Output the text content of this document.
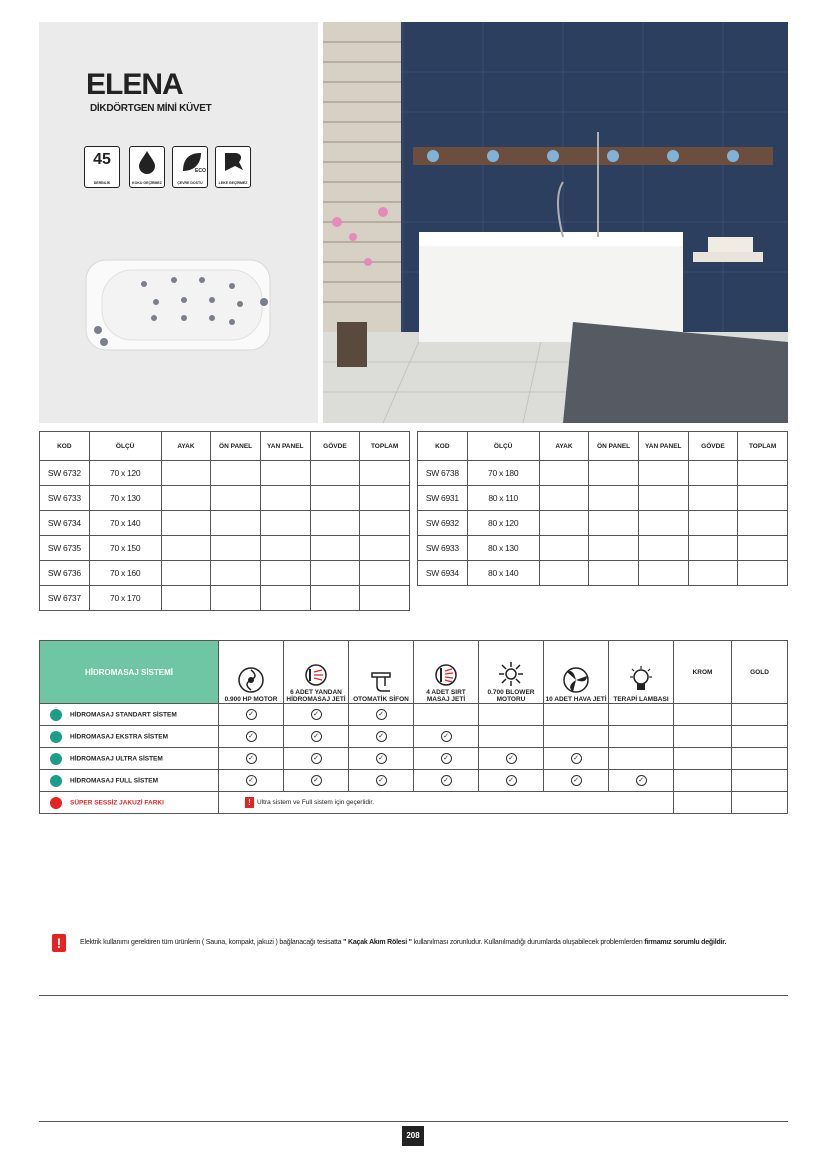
ELENA
DİKDÖRTGEN MİNİ KÜVET
45
DERİNLİK	KOKU GEÇİRMEZ
ECO
ÇEVRE DOSTU	LEKE GEÇİRMEZ
KOD	ÖLÇÜ	AYAK	ÖN PANEL	YAN PANEL	GÖVDE	TOPLAM
SW 6732	70 x 120					
SW 6733	70 x 130					
SW 6734	70 x 140					
SW 6735	70 x 150					
SW 6736	70 x 160					
SW 6737	70 x 170					
KOD	ÖLÇÜ	AYAK	ÖN PANEL	YAN PANEL	GÖVDE	TOPLAM
SW 6738	70 x 180					
SW 6931	80 x 110					
SW 6932	80 x 120					
SW 6933	80 x 130					
SW 6934	80 x 140					
HİDROMASAJ SİSTEMİ	0.900 HP MOTOR	6 ADET YANDAN HİDROMASAJ JETİ	OTOMATİK SİFON	4 ADET SIRT MASAJ JETİ	0.700 BLOWER MOTORU	10 ADET HAVA JETİ	TERAPİ LAMBASI	KROM	GOLD
HİDROMASAJ STANDART SİSTEM	✓	✓	✓						
HİDROMASAJ EKSTRA SİSTEM	✓	✓	✓	✓					
HİDROMASAJ ULTRA SİSTEM	✓	✓	✓	✓	✓	✓			
HİDROMASAJ FULL SİSTEM	✓	✓	✓	✓	✓	✓	✓		
SÜPER SESSİZ JAKUZİ FARKI	! Ultra sistem ve Full sistem için geçerlidir.								
!	Elektrik kullanımı gerektiren tüm ürünlerin ( Sauna, kompakt, jakuzi ) bağlanacağı tesisatta " Kaçak Akım Rölesi " kullanılması zorunludur. Kullanılmadığı durumlarda oluşabilecek problemlerden firmamız sorumlu değildir.
208
